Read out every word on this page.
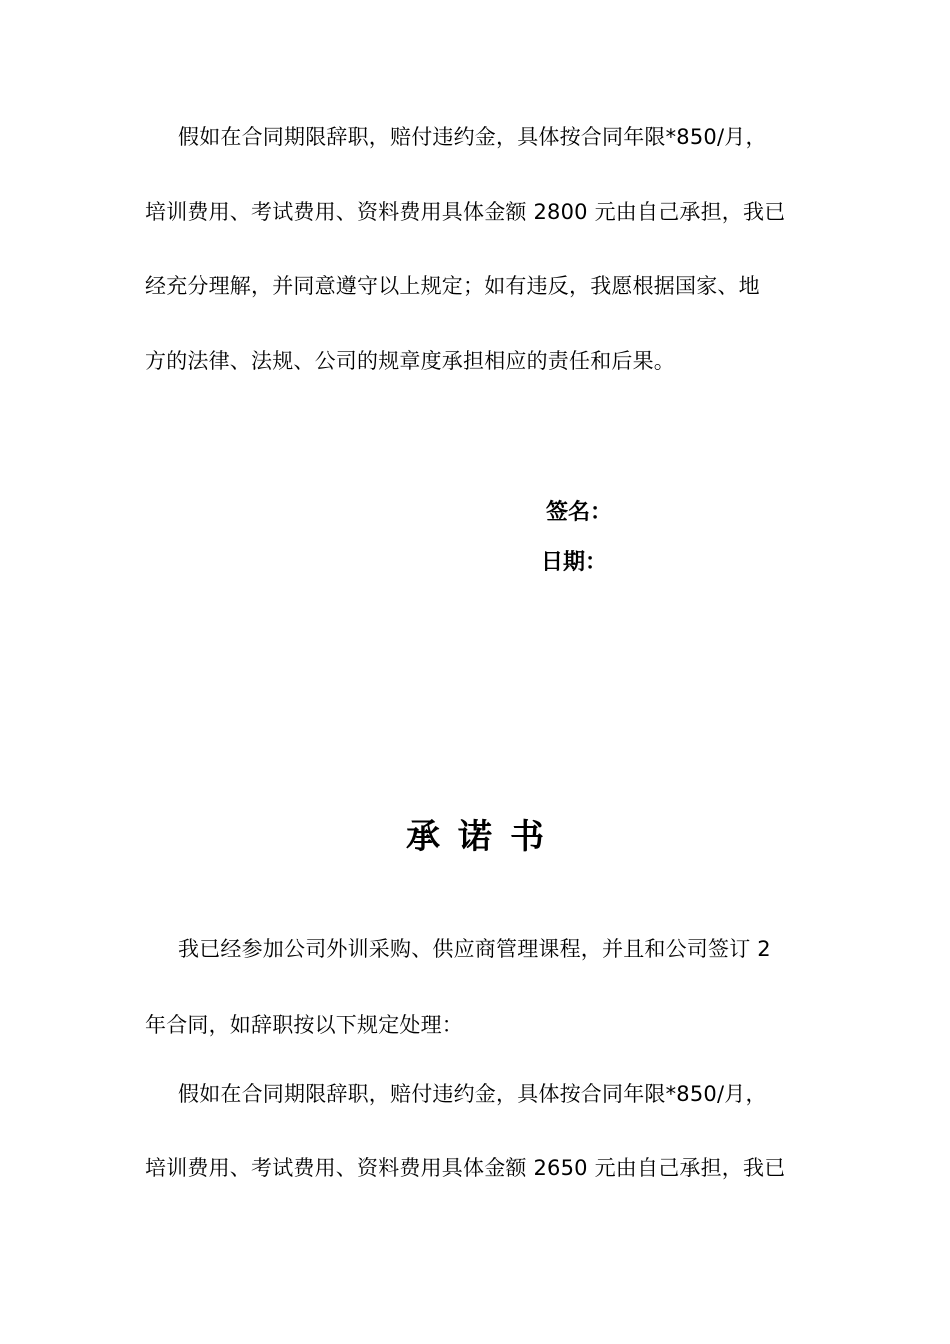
假如在合同期限辞职，赔付违约金，具体按合同年限*850/月，
培训费用、考试费用、资料费用具体金额 2800 元由自己承担，我已
经充分理解，并同意遵守以上规定；如有违反，我愿根据国家、地
方的法律、法规、公司的规章度承担相应的责任和后果。
签名：
日期：
承诺书
我已经参加公司外训采购、供应商管理课程，并且和公司签订 2
年合同，如辞职按以下规定处理：
假如在合同期限辞职，赔付违约金，具体按合同年限*850/月，
培训费用、考试费用、资料费用具体金额 2650 元由自己承担，我已
